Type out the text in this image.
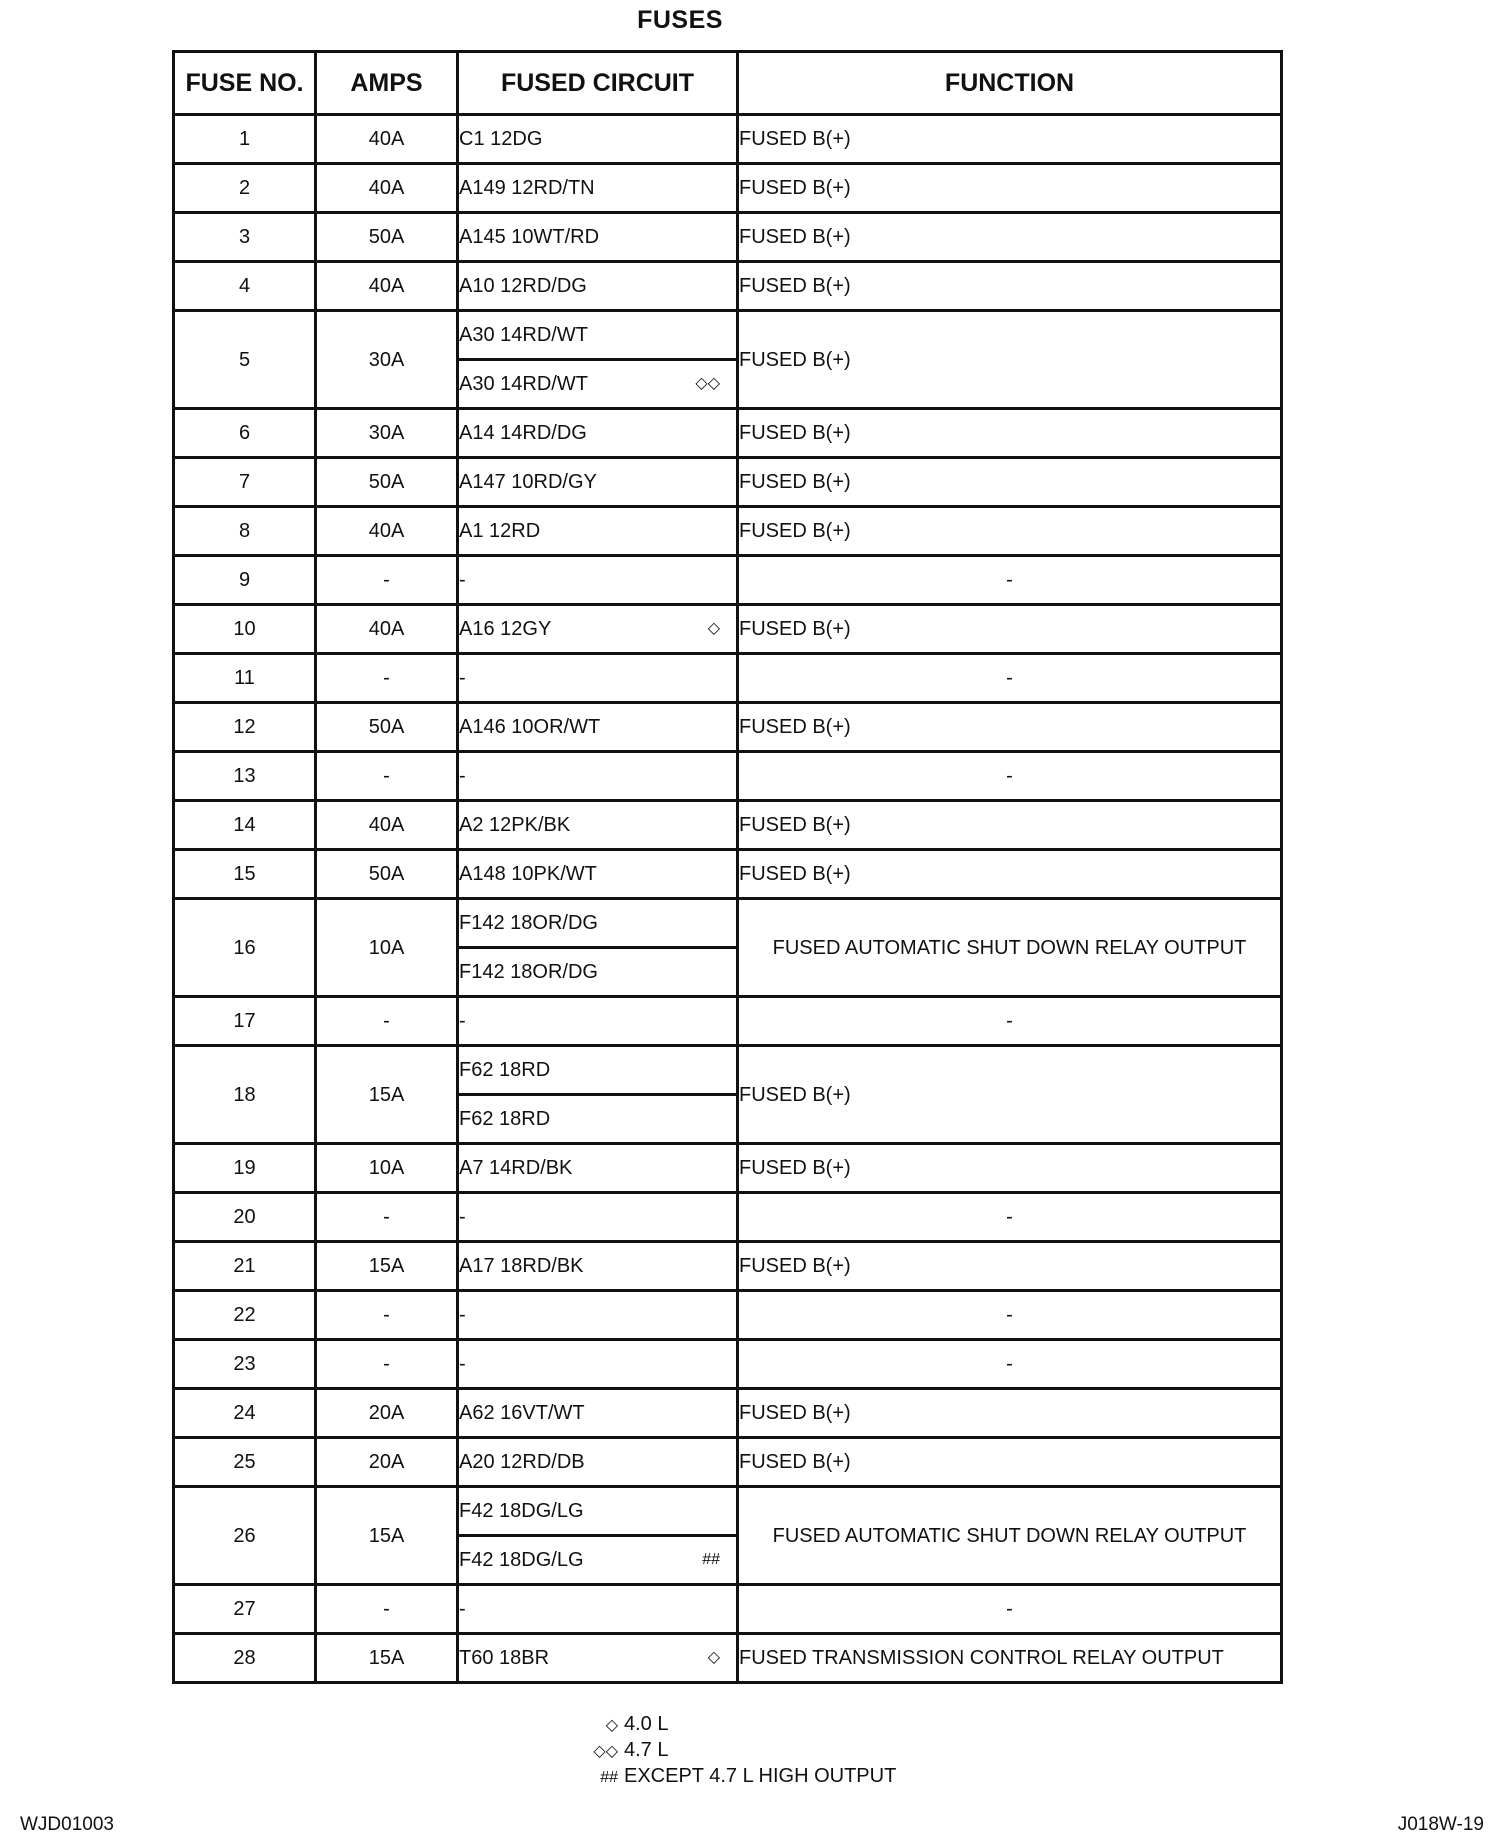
FUSES
FUSE NO.	AMPS	FUSED CIRCUIT	FUNCTION
1	40A	C1 12DG	FUSED B(+)
2	40A	A149 12RD/TN	FUSED B(+)
3	50A	A145 10WT/RD	FUSED B(+)
4	40A	A10 12RD/DG	FUSED B(+)
5	30A	A30 14RD/WT	FUSED B(+)
		A30 14RD/WT ◇◇	

6	30A	A14 14RD/DG	FUSED B(+)
7	50A	A147 10RD/GY	FUSED B(+)
8	40A	A1 12RD	FUSED B(+)
9	-	-	-
10	40A	A16 12GY ◇	FUSED B(+)
11	-	-	-
12	50A	A146 10OR/WT	FUSED B(+)
13	-	-	-
14	40A	A2 12PK/BK	FUSED B(+)
15	50A	A148 10PK/WT	FUSED B(+)
16	10A	F142 18OR/DG	FUSED AUTOMATIC SHUT DOWN RELAY OUTPUT
		F142 18OR/DG	
17	-	-	-
18	15A	F62 18RD	FUSED B(+)
		F62 18RD	
19	10A	A7 14RD/BK	FUSED B(+)
20	-	-	-
21	15A	A17 18RD/BK	FUSED B(+)
22	-	-	-
23	-	-	-
24	20A	A62 16VT/WT	FUSED B(+)
25	20A	A20 12RD/DB	FUSED B(+)
26	15A	F42 18DG/LG	FUSED AUTOMATIC SHUT DOWN RELAY OUTPUT
		F42 18DG/LG ##	

27	-	-	-
28	15A	T60 18BR ◇	FUSED TRANSMISSION CONTROL RELAY OUTPUT
◇ 4.0 L
◇◇ 4.7 L
## EXCEPT 4.7 L HIGH OUTPUT
WJD01003	J018W-19
